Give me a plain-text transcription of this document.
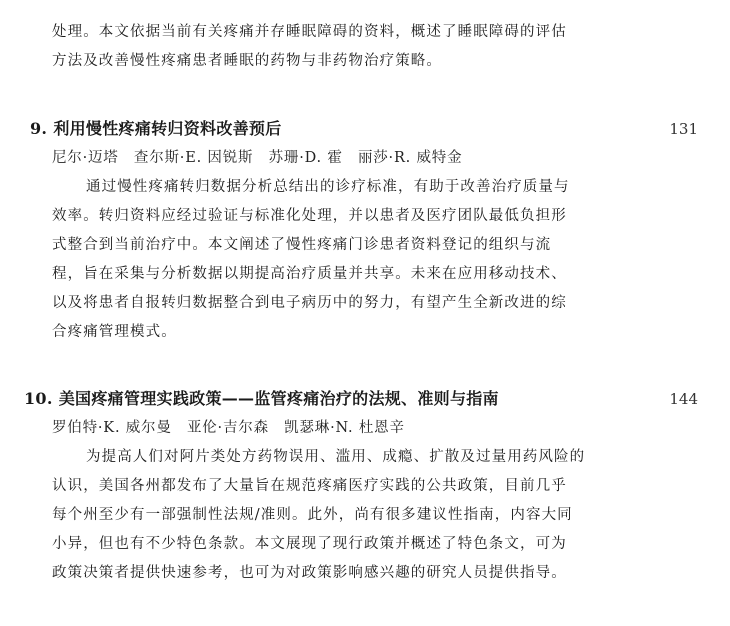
处理。本文依据当前有关疼痛并存睡眠障碍的资料，概述了睡眠障碍的评估
方法及改善慢性疼痛患者睡眠的药物与非药物治疗策略。
9. 利用慢性疼痛转归资料改善预后	131
尼尔·迈塔　查尔斯·E. 因锐斯　苏珊·D. 霍　丽莎·R. 威特金
通过慢性疼痛转归数据分析总结出的诊疗标准，有助于改善治疗质量与
效率。转归资料应经过验证与标准化处理，并以患者及医疗团队最低负担形
式整合到当前治疗中。本文阐述了慢性疼痛门诊患者资料登记的组织与流
程，旨在采集与分析数据以期提高治疗质量并共享。未来在应用移动技术、
以及将患者自报转归数据整合到电子病历中的努力，有望产生全新改进的综
合疼痛管理模式。
10. 美国疼痛管理实践政策——监管疼痛治疗的法规、准则与指南	144
罗伯特·K. 威尔曼　亚伦·吉尔森　凯瑟琳·N. 杜恩辛
为提高人们对阿片类处方药物误用、滥用、成瘾、扩散及过量用药风险的
认识，美国各州都发布了大量旨在规范疼痛医疗实践的公共政策，目前几乎
每个州至少有一部强制性法规/准则。此外，尚有很多建议性指南，内容大同
小异，但也有不少特色条款。本文展现了现行政策并概述了特色条文，可为
政策决策者提供快速参考，也可为对政策影响感兴趣的研究人员提供指导。
